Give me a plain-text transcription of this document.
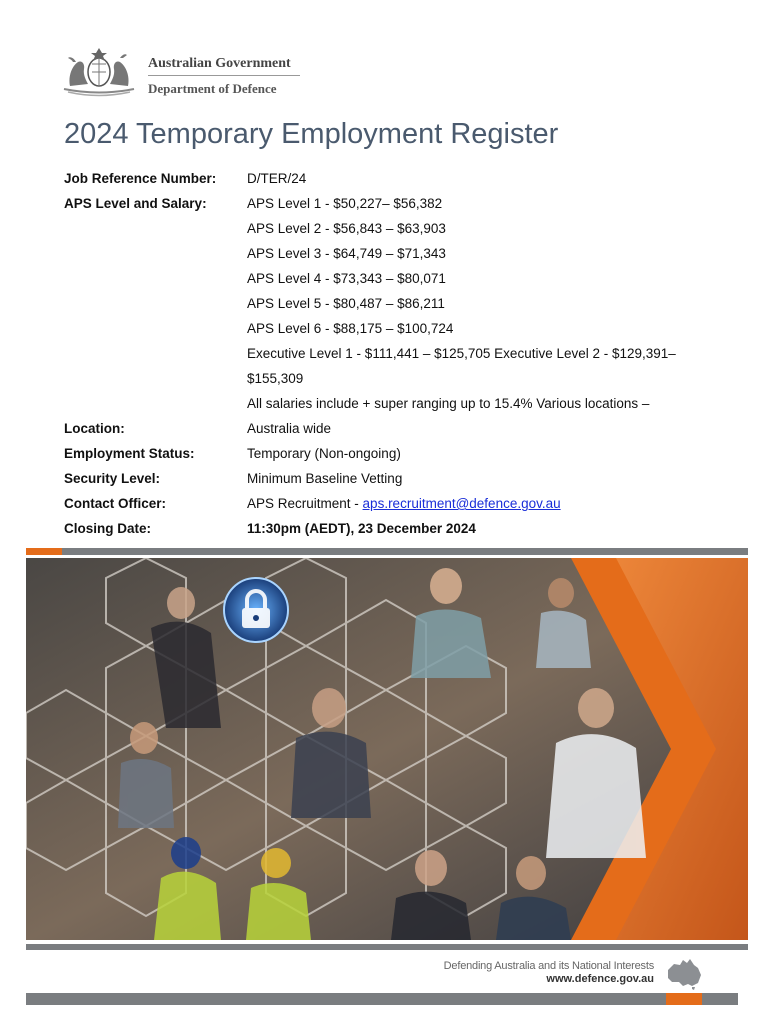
Australian Government
Department of Defence
2024 Temporary Employment Register
Job Reference Number:	D/TER/24
APS Level and Salary:	APS Level 1 - $50,227– $56,382
APS Level 2 - $56,843 – $63,903
APS Level 3 - $64,749 – $71,343
APS Level 4 - $73,343 – $80,071
APS Level 5 - $80,487 – $86,211
APS Level 6 - $88,175 – $100,724
Executive Level 1 - $111,441 – $125,705 Executive Level 2 - $129,391–
$155,309
All salaries include + super ranging up to 15.4% Various locations –
Location:	Australia wide
Employment Status:	Temporary (Non-ongoing)
Security Level:	Minimum Baseline Vetting
Contact Officer:	APS Recruitment - aps.recruitment@defence.gov.au
Closing Date:	11:30pm (AEDT), 23 December 2024
Defending Australia and its National Interests
www.defence.gov.au
